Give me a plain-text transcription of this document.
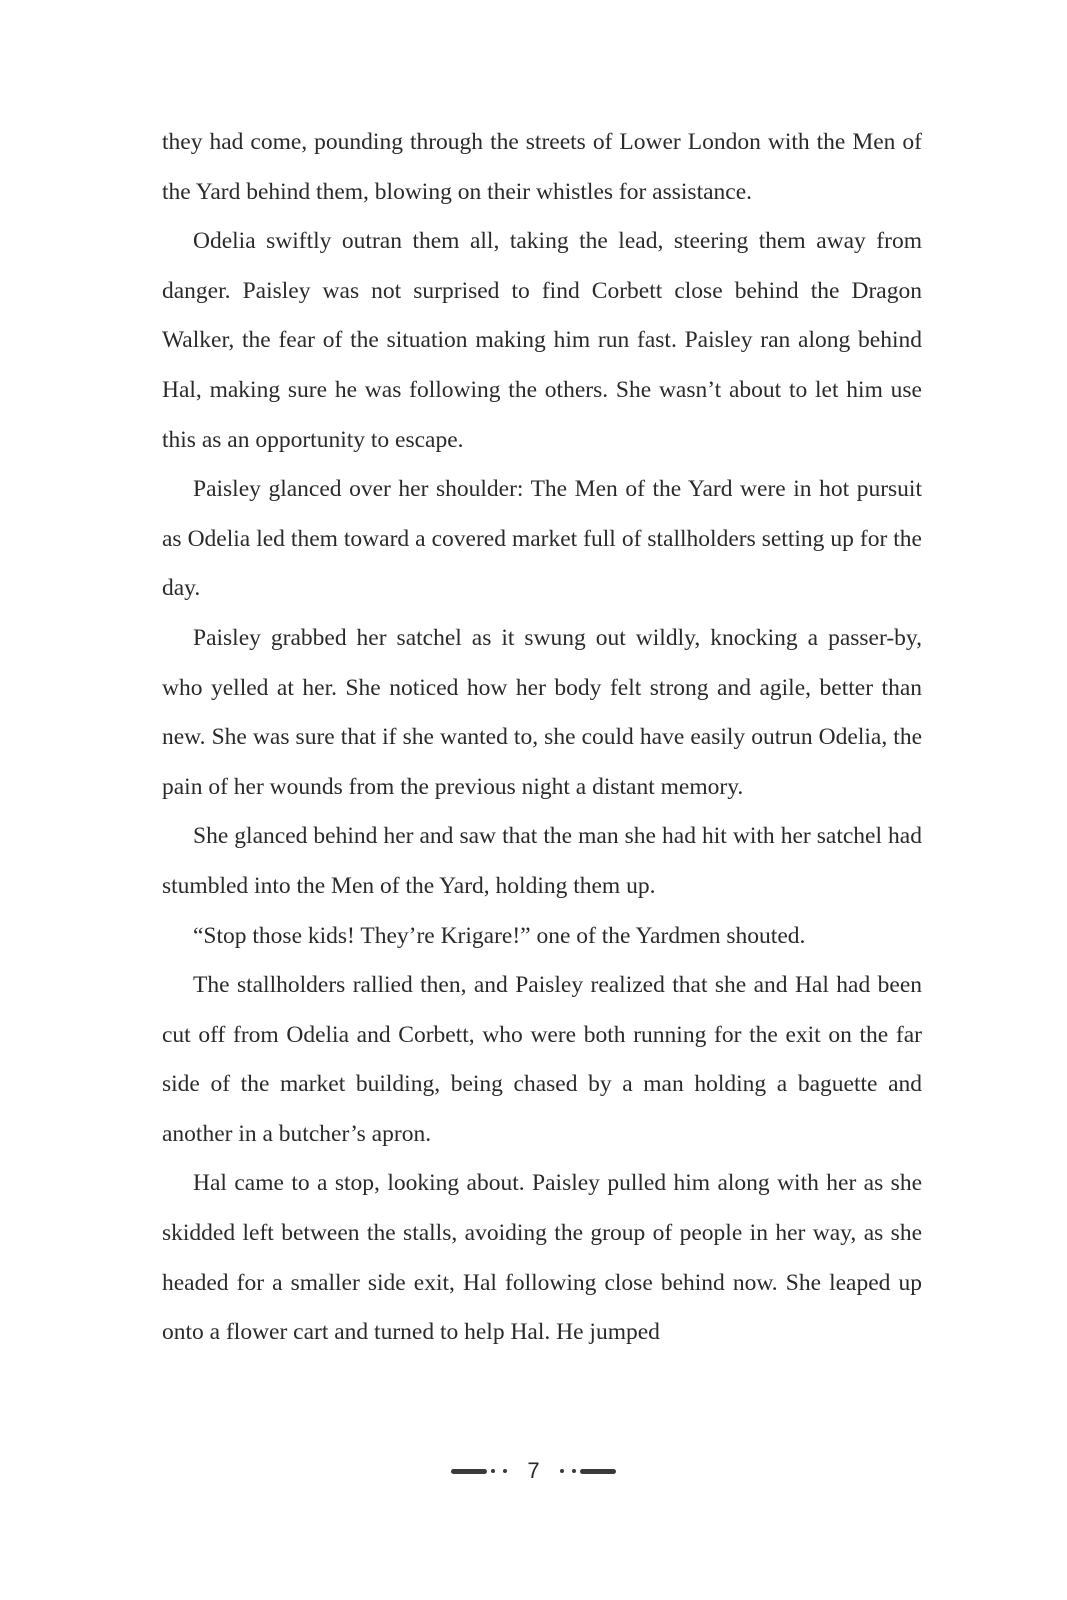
they had come, pounding through the streets of Lower London with the Men of the Yard behind them, blowing on their whistles for assistance.

Odelia swiftly outran them all, taking the lead, steering them away from danger. Paisley was not surprised to find Corbett close behind the Dragon Walker, the fear of the situation making him run fast. Paisley ran along behind Hal, making sure he was following the others. She wasn’t about to let him use this as an opportunity to escape.

Paisley glanced over her shoulder: The Men of the Yard were in hot pursuit as Odelia led them toward a covered market full of stallholders setting up for the day.

Paisley grabbed her satchel as it swung out wildly, knocking a passer-by, who yelled at her. She noticed how her body felt strong and agile, better than new. She was sure that if she wanted to, she could have easily outrun Odelia, the pain of her wounds from the previous night a distant memory.

She glanced behind her and saw that the man she had hit with her satchel had stumbled into the Men of the Yard, holding them up.

“Stop those kids! They’re Krigare!” one of the Yardmen shouted.

The stallholders rallied then, and Paisley realized that she and Hal had been cut off from Odelia and Corbett, who were both running for the exit on the far side of the market building, being chased by a man holding a baguette and another in a butcher’s apron.

Hal came to a stop, looking about. Paisley pulled him along with her as she skidded left between the stalls, avoiding the group of people in her way, as she headed for a smaller side exit, Hal following close behind now. She leaped up onto a flower cart and turned to help Hal. He jumped

7
